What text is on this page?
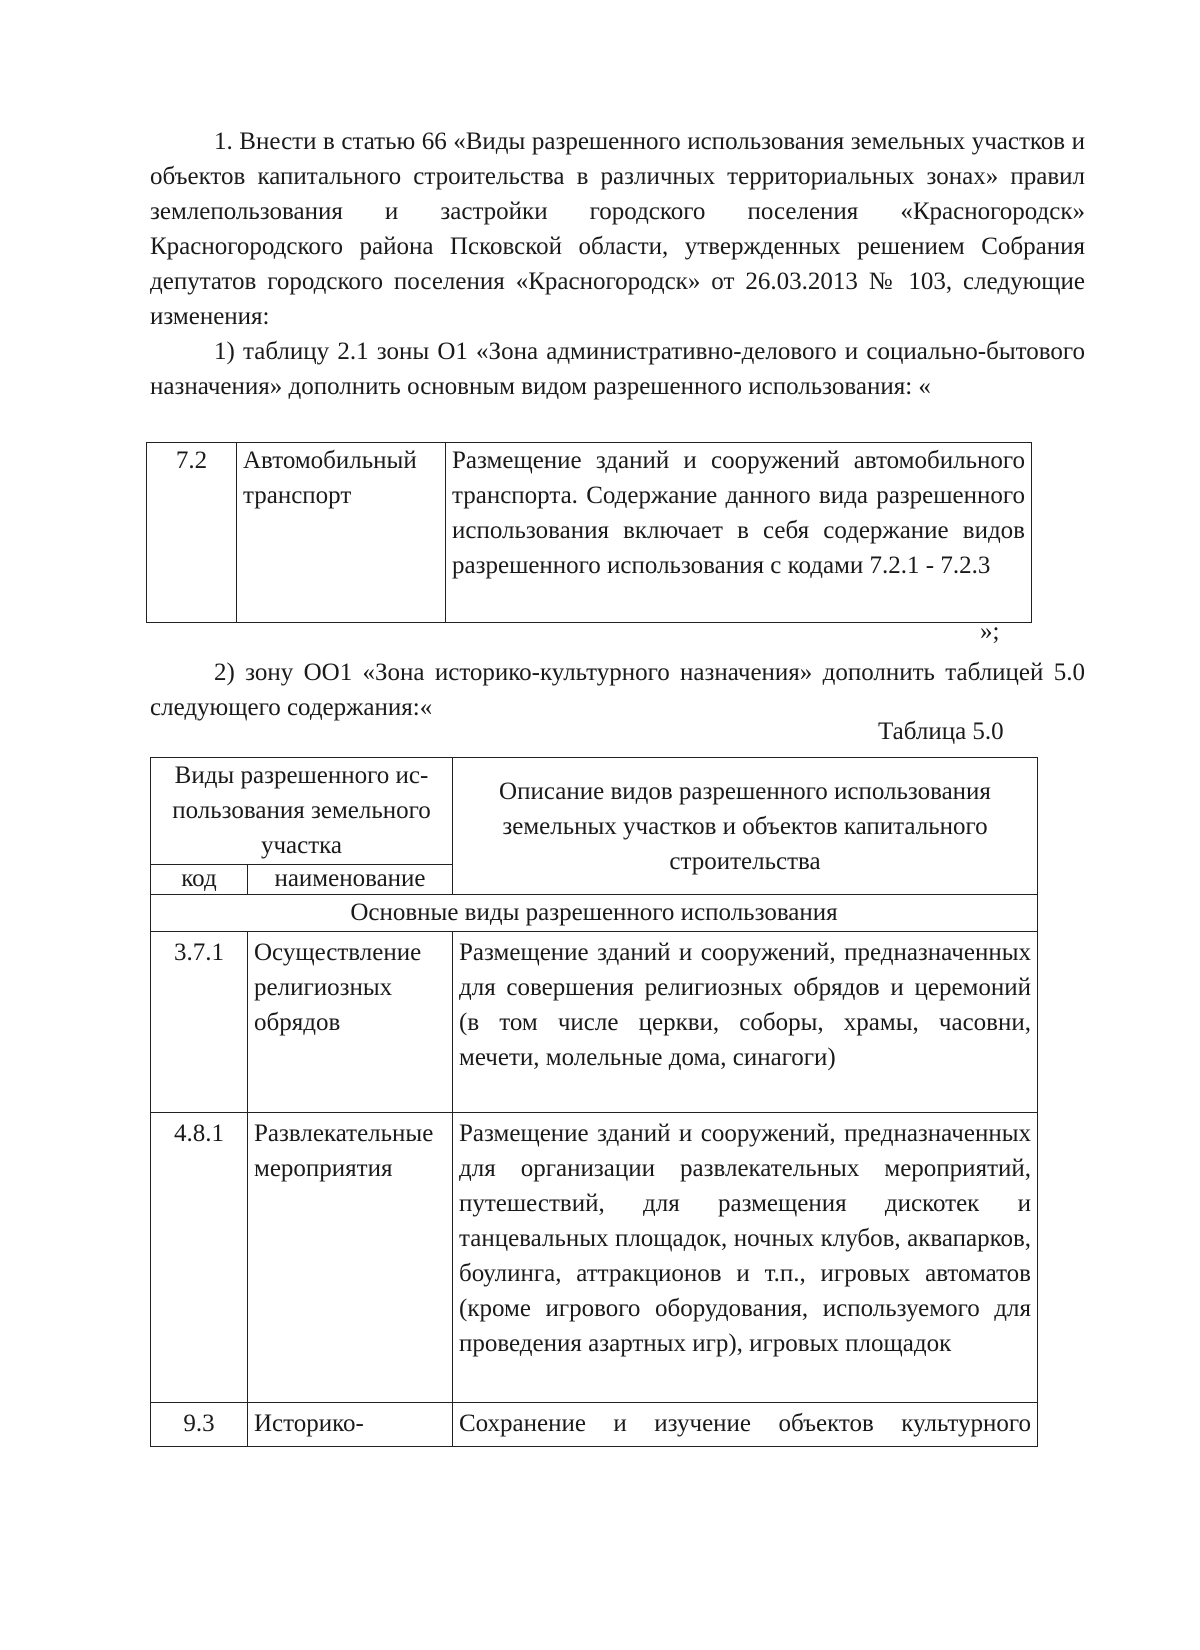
1. Внести в статью 66 «Виды разрешенного использования земельных участков и объектов капитального строительства в различных территориальных зонах» правил землепользования и застройки городского поселения «Красногородск» Красногородского района Псковской области, утвержденных решением Собрания депутатов городского поселения «Красногородск» от 26.03.2013 № 103, следующие изменения:
1) таблицу 2.1 зоны О1 «Зона административно-делового и социально-бытового назначения» дополнить основным видом разрешенного использования: «
7.2	Автомобильный транспорт	Размещение зданий и сооружений автомобильного транспорта. Содержание данного вида разрешенного использования включает в себя содержание видов разрешенного использования с кодами 7.2.1 - 7.2.3
»;
2) зону ОО1 «Зона историко-культурного назначения» дополнить таблицей 5.0 следующего содержания:«
Таблица 5.0
Виды разрешенного ис-пользования земельного участка		Описание видов разрешенного использования земельных участков и объектов капитального строительства
код	наименование	
Основные виды разрешенного использования		
3.7.1	Осуществление религиозных обрядов	Размещение зданий и сооружений, предназначенных для совершения религиозных обрядов и церемоний (в том числе церкви, соборы, храмы, часовни, мечети, молельные дома, синагоги)
4.8.1	Развлекательные мероприятия	Размещение зданий и сооружений, предназначенных для организации развлекательных мероприятий, путешествий, для размещения дискотек и танцевальных площадок, ночных клубов, аквапарков, боулинга, аттракционов и т.п., игровых автоматов (кроме игрового оборудования, используемого для проведения азартных игр), игровых площадок
9.3	Историко-	Сохранение и изучение объектов культурного
